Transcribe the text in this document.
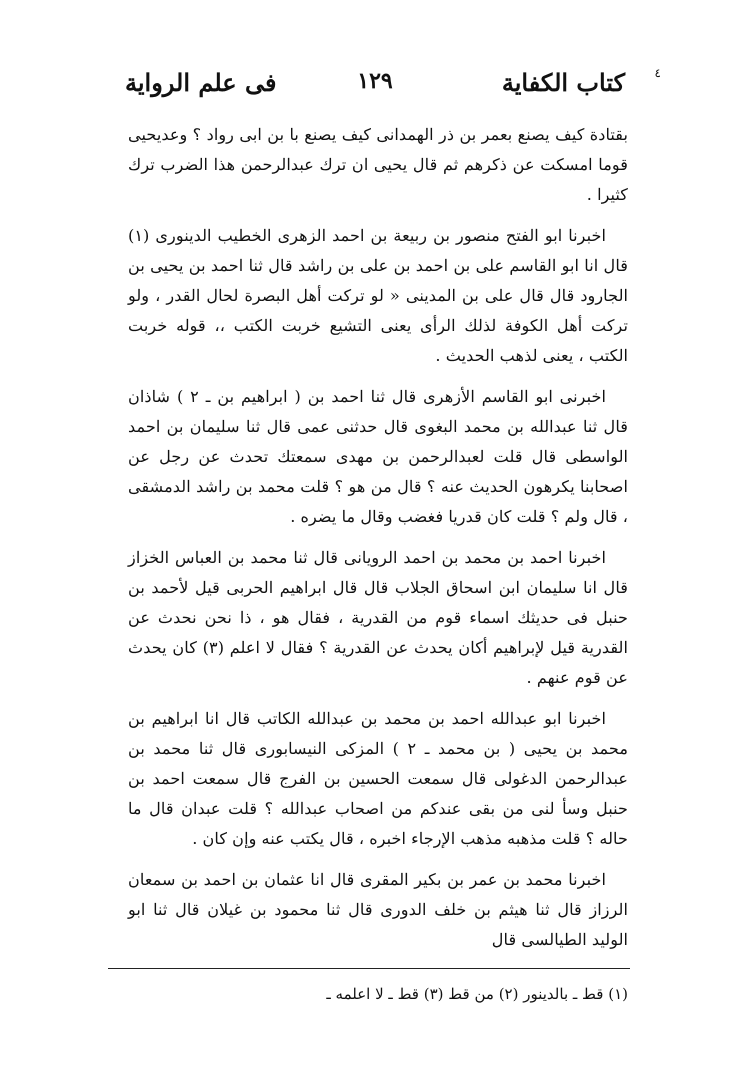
٤
كتاب الكفاية
١٢٩
فى علم الرواية

بقتادة كيف يصنع بعمر بن ذر الهمدانى كيف يصنع با بن ابى رواد ؟ وعديحيى قوما امسكت عن ذكرهم ثم قال يحيى ان ترك عبدالرحمن هذا الضرب ترك كثيرا .

اخبرنا ابو الفتح منصور بن ربيعة بن احمد الزهرى الخطيب الدينورى (١) قال انا ابو القاسم على بن احمد بن على بن راشد قال ثنا احمد بن يحيى بن الجارود قال قال على بن المدينى « لو تركت أهل البصرة لحال القدر ، ولو تركت أهل الكوفة لذلك الرأى يعنى التشيع خربت الكتب ،، قوله خربت الكتب ، يعنى لذهب الحديث .

اخبرنى ابو القاسم الأزهرى قال ثنا احمد بن ( ابراهيم بن ـ ٢ ) شاذان قال ثنا عبدالله بن محمد البغوى قال حدثنى عمى قال ثنا سليمان بن احمد الواسطى قال قلت لعبدالرحمن بن مهدى سمعتك تحدث عن رجل عن اصحابنا يكرهون الحديث عنه ؟ قال من هو ؟ قلت محمد بن راشد الدمشقى ، قال ولم ؟ قلت كان قدريا فغضب وقال ما يضره .

اخبرنا احمد بن محمد بن احمد الرويانى قال ثنا محمد بن العباس الخزاز قال انا سليمان ابن اسحاق الجلاب قال قال ابراهيم الحربى قيل لأحمد بن حنبل فى حديثك اسماء قوم من القدرية ، فقال هو ، ذا نحن نحدث عن القدرية قيل لإبراهيم أكان يحدث عن القدرية ؟ فقال لا اعلم (٣) كان يحدث عن قوم عنهم .

اخبرنا ابو عبدالله احمد بن محمد بن عبدالله الكاتب قال انا ابراهيم بن محمد بن يحيى ( بن محمد ـ ٢ ) المزكى النيسابورى قال ثنا محمد بن عبدالرحمن الدغولى قال سمعت الحسين بن الفرج قال سمعت احمد بن حنبل وسأ لنى من بقى عندكم من اصحاب عبدالله ؟ قلت عبدان قال ما حاله ؟ قلت مذهبه مذهب الإرجاء اخبره ، قال يكتب عنه وإن كان .

اخبرنا محمد بن عمر بن بكير المقرى قال انا عثمان بن احمد بن سمعان الرزاز قال ثنا هيثم بن خلف الدورى قال ثنا محمود بن غيلان قال ثنا ابو الوليد الطيالسى قال

(١) قط ـ بالدينور (٢) من قط (٣) قط ـ لا اعلمه ـ
